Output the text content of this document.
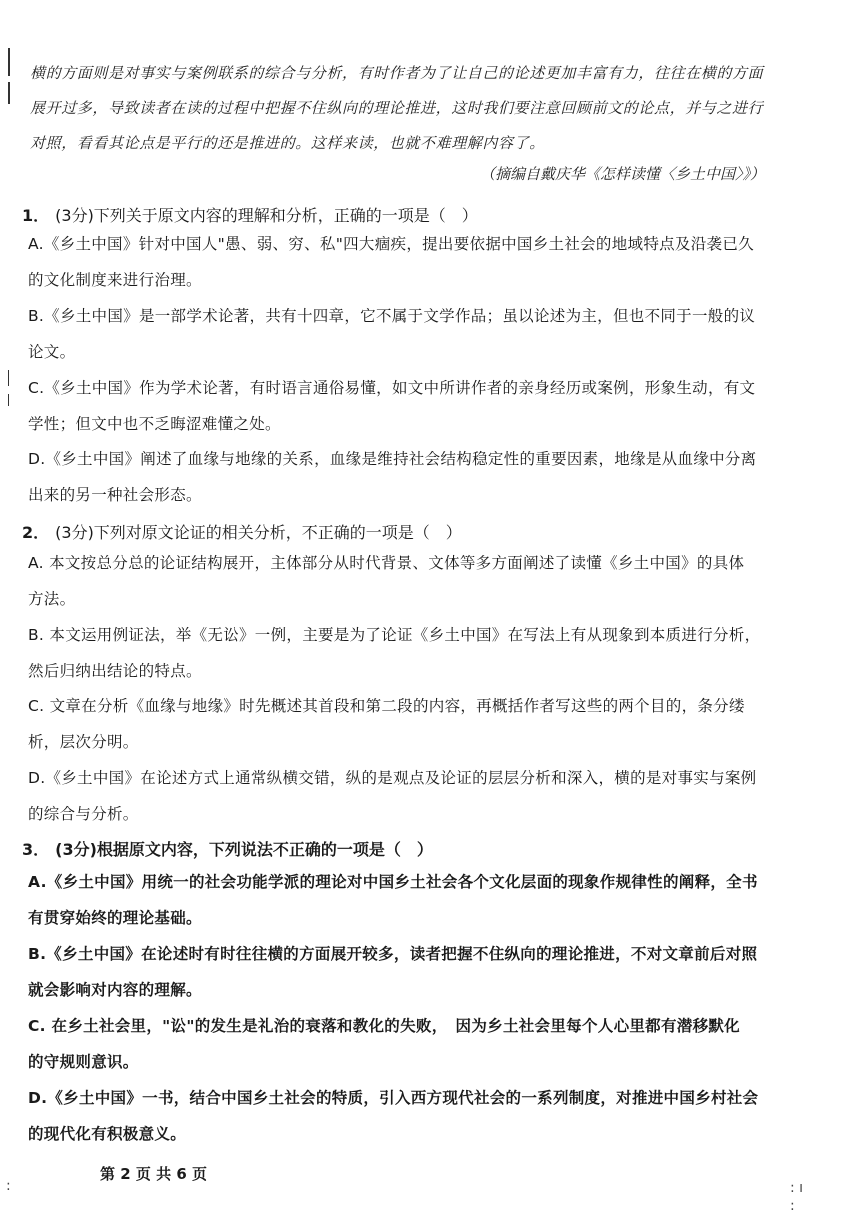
横的方面则是对事实与案例联系的综合与分析，有时作者为了让自己的论述更加丰富有力，往往在横的方面
展开过多，导致读者在读的过程中把握不住纵向的理论推进，这时我们要注意回顾前文的论点，并与之进行
对照，看看其论点是平行的还是推进的。这样来读，也就不难理解内容了。
（摘编自戴庆华《怎样读懂〈乡土中国〉》）
1． (3分)下列关于原文内容的理解和分析，正确的一项是（　）
A.《乡土中国》针对中国人"愚、弱、穷、私"四大痼疾，提出要依据中国乡土社会的地域特点及沿袭已久
的文化制度来进行治理。
B.《乡土中国》是一部学术论著，共有十四章，它不属于文学作品；虽以论述为主，但也不同于一般的议
论文。
C.《乡土中国》作为学术论著，有时语言通俗易懂，如文中所讲作者的亲身经历或案例，形象生动，有文
学性；但文中也不乏晦涩难懂之处。
D.《乡土中国》阐述了血缘与地缘的关系，血缘是维持社会结构稳定性的重要因素，地缘是从血缘中分离
出来的另一种社会形态。
2． (3分)下列对原文论证的相关分析，不正确的一项是（　）
A. 本文按总分总的论证结构展开，主体部分从时代背景、文体等多方面阐述了读懂《乡土中国》的具体
方法。
B. 本文运用例证法，举《无讼》一例，主要是为了论证《乡土中国》在写法上有从现象到本质进行分析，
然后归纳出结论的特点。
C. 文章在分析《血缘与地缘》时先概述其首段和第二段的内容，再概括作者写这些的两个目的，条分缕
析，层次分明。
D.《乡土中国》在论述方式上通常纵横交错，纵的是观点及论证的层层分析和深入，横的是对事实与案例
的综合与分析。
3． (3分)根据原文内容，下列说法不正确的一项是（　）
A.《乡土中国》用统一的社会功能学派的理论对中国乡土社会各个文化层面的现象作规律性的阐释，全书
有贯穿始终的理论基础。
B.《乡土中国》在论述时有时往往横的方面展开较多，读者把握不住纵向的理论推进，不对文章前后对照
就会影响对内容的理解。
C. 在乡土社会里，"讼"的发生是礼治的衰落和教化的失败，　因为乡土社会里每个人心里都有潜移默化
的守规则意识。
D.《乡土中国》一书，结合中国乡土社会的特质，引入西方现代社会的一系列制度，对推进中国乡村社会
的现代化有积极意义。
第 2 页 共 6 页
:	: ı
:
